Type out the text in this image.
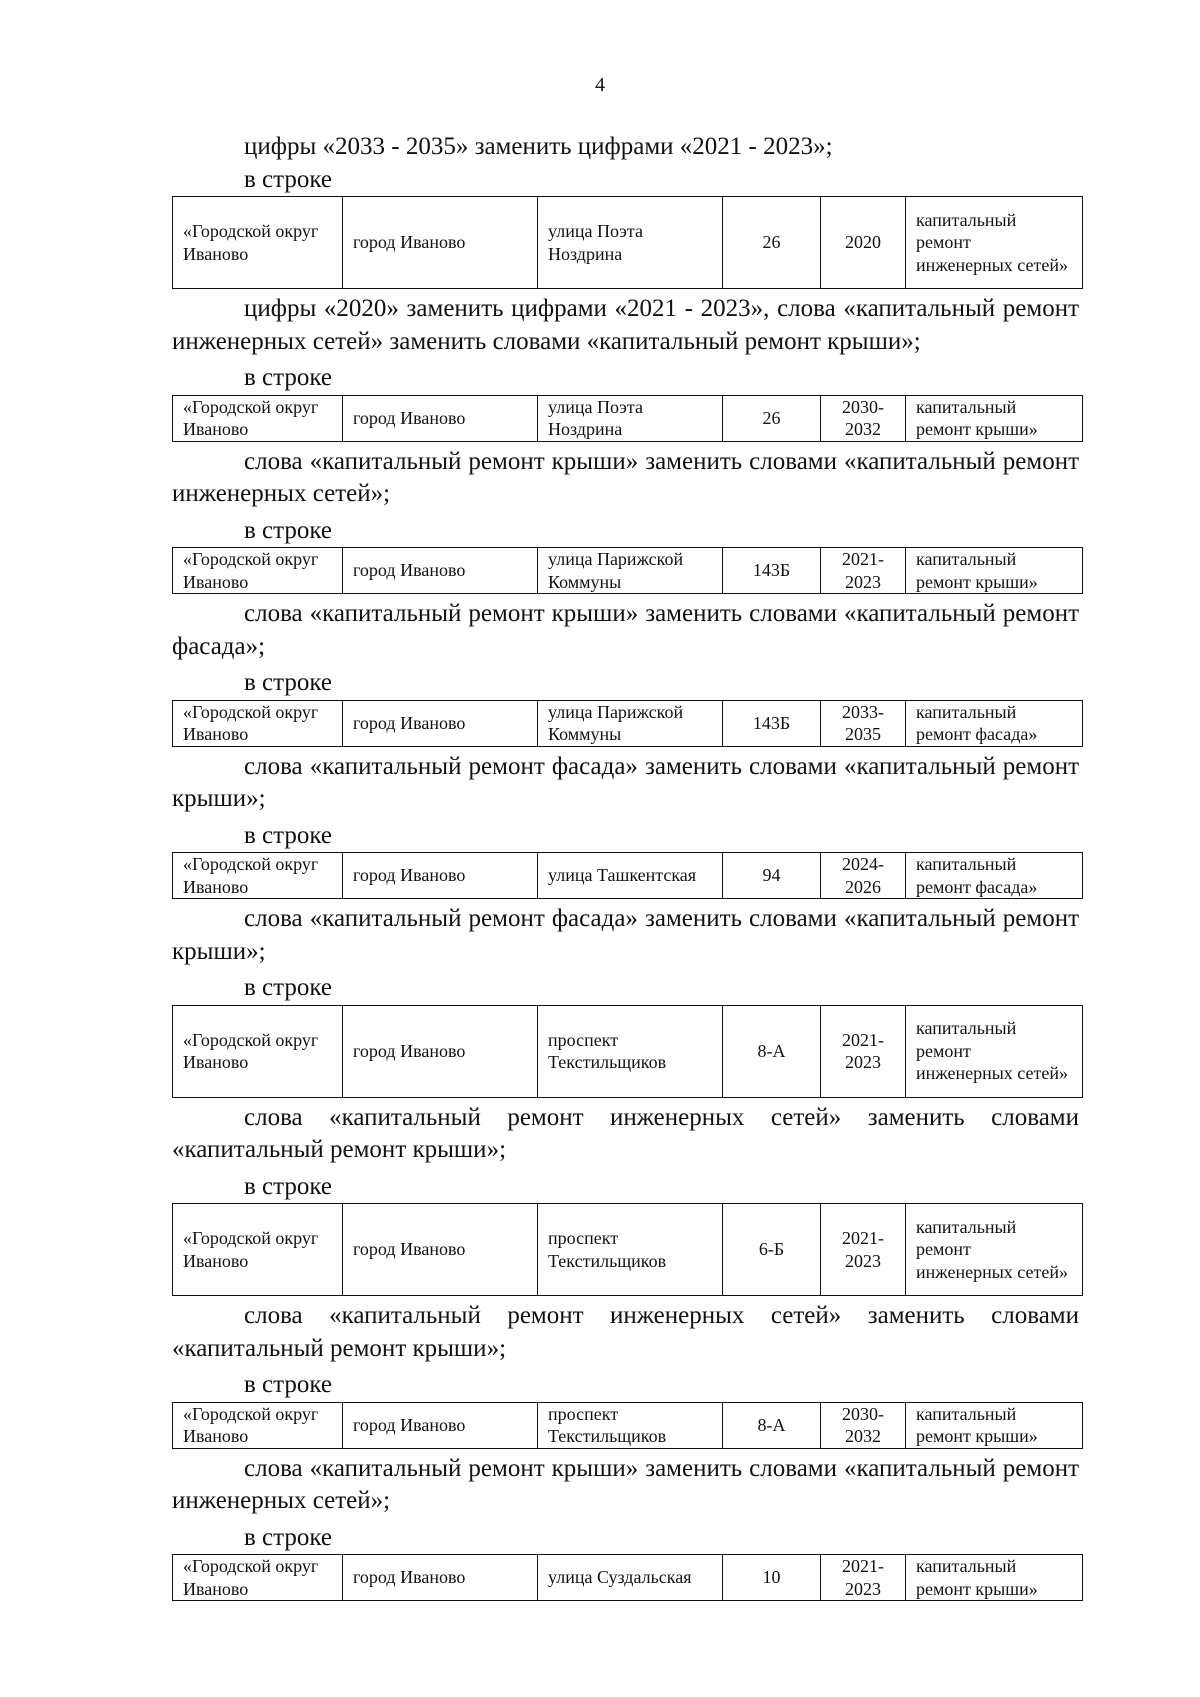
4

цифры «2033 - 2035» заменить цифрами «2021 - 2023»;

в строке

«Городской округ Иваново	город Иваново	улица Поэта Ноздрина	26	2020	капитальный ремонт инженерных сетей»

цифры «2020» заменить цифрами «2021 - 2023», слова «капитальный ремонт инженерных сетей» заменить словами «капитальный ремонт крыши»;

в строке

«Городской округ Иваново	город Иваново	улица Поэта Ноздрина	26	2030-2032	капитальный ремонт крыши»

слова «капитальный ремонт крыши» заменить словами «капитальный ремонт инженерных сетей»;

в строке

«Городской округ Иваново	город Иваново	улица Парижской Коммуны	143Б	2021-2023	капитальный ремонт крыши»

слова «капитальный ремонт крыши» заменить словами «капитальный ремонт фасада»;

в строке

«Городской округ Иваново	город Иваново	улица Парижской Коммуны	143Б	2033-2035	капитальный ремонт фасада»

слова «капитальный ремонт фасада» заменить словами «капитальный ремонт крыши»;

в строке

«Городской округ Иваново	город Иваново	улица Ташкентская	94	2024-2026	капитальный ремонт фасада»

слова «капитальный ремонт фасада» заменить словами «капитальный ремонт крыши»;

в строке

«Городской округ Иваново	город Иваново	проспект Текстильщиков	8-А	2021-2023	капитальный ремонт инженерных сетей»

слова «капитальный ремонт инженерных сетей» заменить словами «капитальный ремонт крыши»;

в строке

«Городской округ Иваново	город Иваново	проспект Текстильщиков	6-Б	2021-2023	капитальный ремонт инженерных сетей»

слова «капитальный ремонт инженерных сетей» заменить словами «капитальный ремонт крыши»;

в строке

«Городской округ Иваново	город Иваново	проспект Текстильщиков	8-А	2030-2032	капитальный ремонт крыши»

слова «капитальный ремонт крыши» заменить словами «капитальный ремонт инженерных сетей»;

в строке

«Городской округ Иваново	город Иваново	улица Суздальская	10	2021-2023	капитальный ремонт крыши»
